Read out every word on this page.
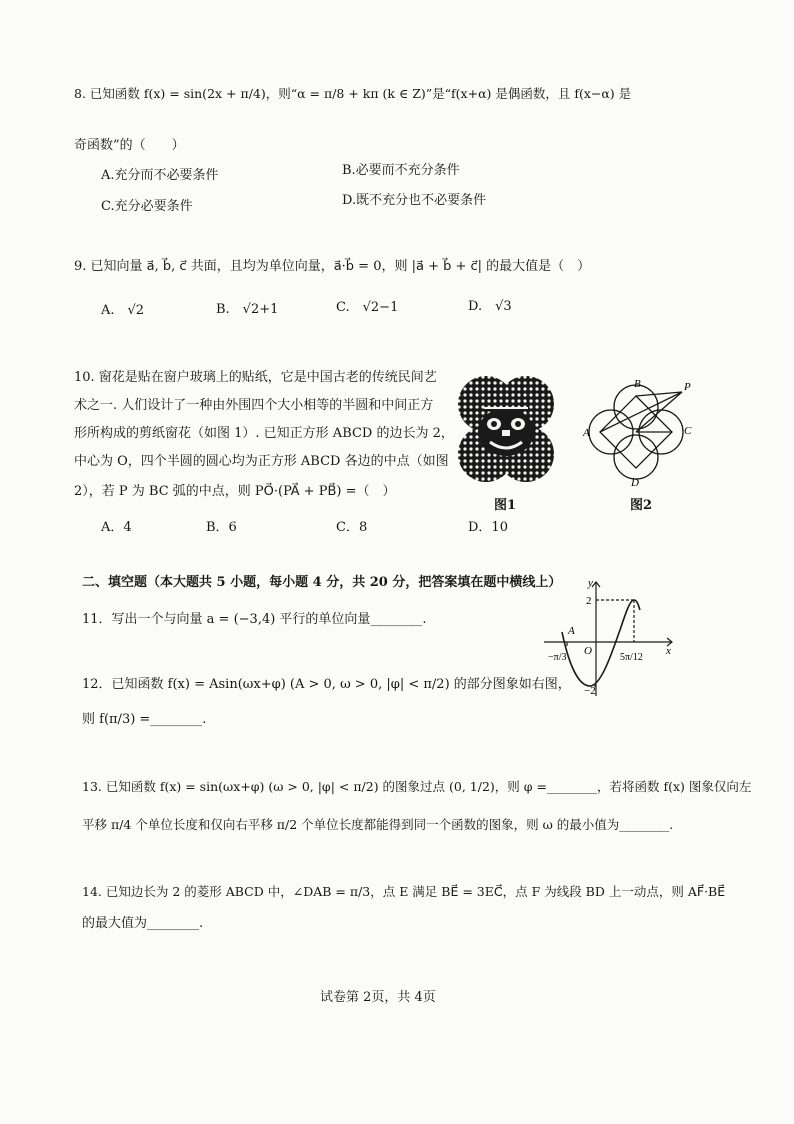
8. 已知函数 f(x) = sin(2x + π/4)，则“α = π/8 + kπ (k ∈ Z)”是“f(x+α) 是偶函数，且 f(x−α) 是
奇函数”的（　　）
A.充分而不必要条件	B.必要而不充分条件
C.充分必要条件	D.既不充分也不必要条件
9. 已知向量 a⃗, b⃗, c⃗ 共面，且均为单位向量，a⃗·b⃗ = 0，则 |a⃗ + b⃗ + c⃗| 的最大值是（　）
A.　√2	B.　√2+1	C.　√2−1	D.　√3
10. 窗花是贴在窗户玻璃上的贴纸，它是中国古老的传统民间艺
术之一. 人们设计了一种由外围四个大小相等的半圆和中间正方
形所构成的剪纸窗花（如图 1）. 已知正方形 ABCD 的边长为 2，
中心为 O，四个半圆的圆心均为正方形 ABCD 各边的中点（如图
2），若 P 为 BC 弧的中点，则 PO⃗·(PA⃗ + PB⃗) =（　）
A．4	B．6	C．8	D．10
图1
B	P
A	C
D
图2
二、填空题（本大题共 5 小题，每小题 4 分，共 20 分，把答案填在题中横线上）
11．写出一个与向量 a = (−3,4) 平行的单位向量________.
y
x
O
A
2
−2
−π/3	5π/12
12．已知函数 f(x) = Asin(ωx+φ) (A > 0, ω > 0, |φ| < π/2) 的部分图象如右图，
则 f(π/3) =________.
13. 已知函数 f(x) = sin(ωx+φ) (ω > 0, |φ| < π/2) 的图象过点 (0, 1/2)，则 φ =________，若将函数 f(x) 图象仅向左
平移 π/4 个单位长度和仅向右平移 π/2 个单位长度都能得到同一个函数的图象，则 ω 的最小值为________.
14. 已知边长为 2 的菱形 ABCD 中，∠DAB = π/3，点 E 满足 BE⃗ = 3EC⃗，点 F 为线段 BD 上一动点，则 AF⃗·BE⃗
的最大值为________.
试卷第 2页，共 4页
